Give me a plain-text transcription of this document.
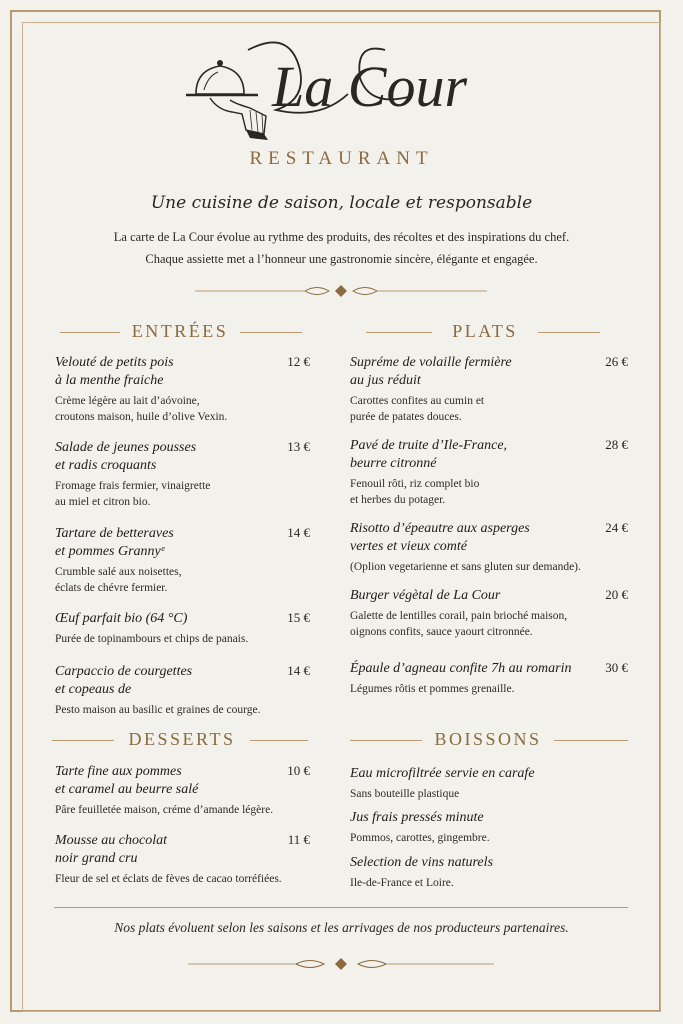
La Cour
RESTAURANT
Une cuisine de saison, locale et responsable
La carte de La Cour évolue au rythme des produits, des récoltes et des inspirations du chef.
Chaque assiette met a l’honneur une gastronomie sincère, élégante et engagée.
ENTRÉES	PLATS
12 €
Velouté de petits pois
à la menthe fraiche
Crème légère au lait d’aóvoine,
croutons maison, huile d’olive Vexin.
13 €
Salade de jeunes pousses
et radis croquants
Fromage frais fermier, vinaigrette
au miel et citron bio.
14 €
Tartare de betteraves
et pommes Grannyᵉ
Crumble salé aux noisettes,
éclats de chévre fermier.
15 €
Œuf parfait bio (64 °C)
Purée de topinambours et chips de panais.
14 €
Carpaccio de courgettes
et copeaus de
Pesto maison au basilic et graines de courge.
26 €
Supréme de volaille fermière
au jus réduit
Carottes confites au cumin et
purée de patates douces.
28 €
Pavé de truite d’Ile-France,
beurre citronné
Fenouil rôti, riz complet bio
et herbes du potager.
24 €
Risotto d’épeautre aux asperges
vertes et vieux comté
(Oplion vegetarienne et sans gluten sur demande).
20 €
Burger végètal de La Cour
Galette de lentilles corail, pain brioché maison,
oignons confits, sauce yaourt citronnée.
30 €
Épaule d’agneau confite 7h au romarin
Légumes rôtis et pommes grenaille.
DESSERTS	BOISSONS
10 €
Tarte fine aux pommes
et caramel au beurre salé
Pâre feuilletée maison, créme d’amande légère.
11 €
Mousse au chocolat
noir grand cru
Fleur de sel et éclats de fèves de cacao torréfiées.
Eau microfiltrée servie en carafe
Sans bouteille plastique
Jus frais pressés minute
Pommos, carottes, gingembre.
Selection de vins naturels
Ile-de-France et Loire.
Nos plats évoluent selon les saisons et les arrivages de nos producteurs partenaires.
